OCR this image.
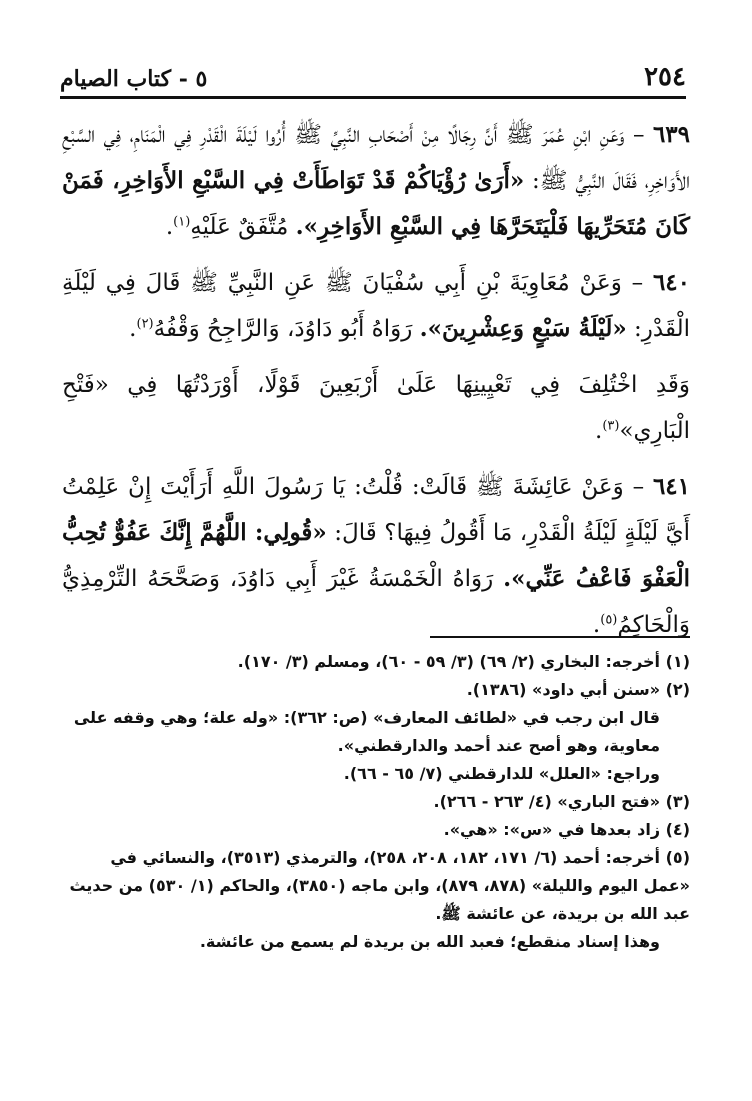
٢٥٤
٥ - كتاب الصيام

٦٣٩ – وَعَنِ ابْنِ عُمَرَ ﷺ أَنَّ رِجَالًا مِنْ أَصْحَابِ النَّبِيِّ ﷺ أُرُوا لَيْلَةَ الْقَدْرِ فِي الْمَنَامِ، فِي السَّبْعِ الأَوَاخِرِ، فَقَالَ النَّبِيُّ ﷺ: «أَرَىٰ رُؤْيَاكُمْ قَدْ تَوَاطَأَتْ فِي السَّبْعِ الأَوَاخِرِ، فَمَنْ كَانَ مُتَحَرِّيهَا فَلْيَتَحَرَّهَا فِي السَّبْعِ الأَوَاخِرِ». مُتَّفَقٌ عَلَيْهِ$^{(١)}$.

٦٤٠ – وَعَنْ مُعَاوِيَةَ بْنِ أَبِي سُفْيَانَ ﷺ عَنِ النَّبِيِّ ﷺ قَالَ فِي لَيْلَةِ الْقَدْرِ: «لَيْلَةُ سَبْعٍ وَعِشْرِينَ». رَوَاهُ أَبُو دَاوُدَ، وَالرَّاجِحُ وَقْفُهُ$^{(٢)}$.

وَقَدِ اخْتُلِفَ فِي تَعْيِينِهَا عَلَىٰ أَرْبَعِينَ قَوْلًا، أَوْرَدْتُهَا فِي «فَتْحِ الْبَارِي»$^{(٣)}$.

٦٤١ – وَعَنْ عَائِشَةَ ﷺ قَالَتْ: قُلْتُ: يَا رَسُولَ اللَّهِ أَرَأَيْتَ إِنْ عَلِمْتُ أَيَّ لَيْلَةٍ لَيْلَةُ الْقَدْرِ، مَا أَقُولُ فِيهَا؟ قَالَ: «قُولِي: اللَّهُمَّ إِنَّكَ عَفُوٌّ تُحِبُّ الْعَفْوَ فَاعْفُ عَنِّي». رَوَاهُ الْخَمْسَةُ غَيْرَ أَبِي دَاوُدَ، وَصَحَّحَهُ التِّرْمِذِيُّ وَالْحَاكِمُ$^{(٥)}$.

(١) أخرجه: البخاري (٢/ ٦٩) (٣/ ٥٩ - ٦٠)، ومسلم (٣/ ١٧٠).
(٢) «سنن أبي داود» (١٣٨٦).
قال ابن رجب في «لطائف المعارف» (ص: ٣٦٢): «وله علة؛ وهي وقفه على معاوية، وهو أصح عند أحمد والدارقطني».
وراجع: «العلل» للدارقطني (٧/ ٦٥ - ٦٦).
(٣) «فتح الباري» (٤/ ٢٦٣ - ٢٦٦).
(٤) زاد بعدها في «س»: «هي».
(٥) أخرجه: أحمد (٦/ ١٧١، ١٨٢، ٢٠٨، ٢٥٨)، والترمذي (٣٥١٣)، والنسائي في «عمل اليوم والليلة» (٨٧٨، ٨٧٩)، وابن ماجه (٣٨٥٠)، والحاكم (١/ ٥٣٠) من حديث عبد الله بن بريدة، عن عائشة ﷺ.
وهذا إسناد منقطع؛ فعبد الله بن بريدة لم يسمع من عائشة.
